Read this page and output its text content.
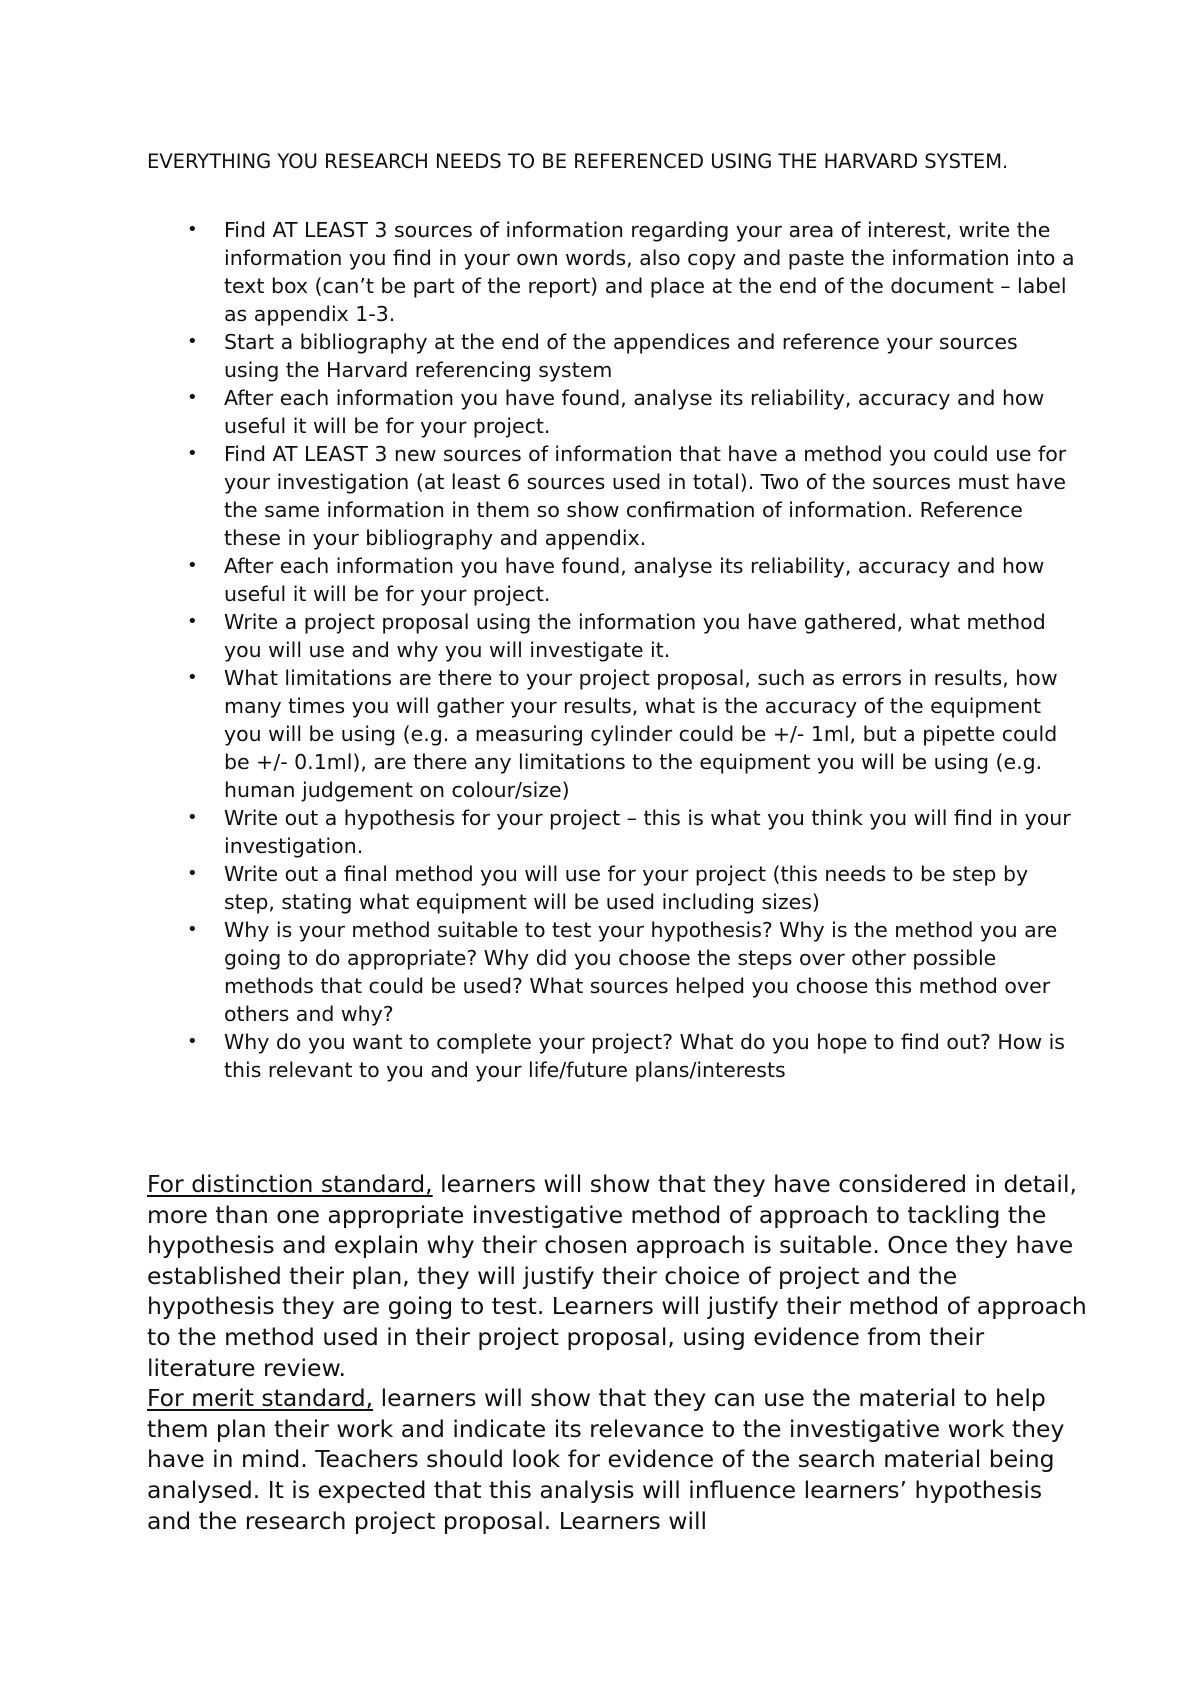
EVERYTHING YOU RESEARCH NEEDS TO BE REFERENCED USING THE HARVARD SYSTEM.

• Find AT LEAST 3 sources of information regarding your area of interest, write the information you find in your own words, also copy and paste the information into a text box (can’t be part of the report) and place at the end of the document – label as appendix 1-3.
• Start a bibliography at the end of the appendices and reference your sources using the Harvard referencing system
• After each information you have found, analyse its reliability, accuracy and how useful it will be for your project.
• Find AT LEAST 3 new sources of information that have a method you could use for your investigation (at least 6 sources used in total). Two of the sources must have the same information in them so show confirmation of information. Reference these in your bibliography and appendix.
• After each information you have found, analyse its reliability, accuracy and how useful it will be for your project.
• Write a project proposal using the information you have gathered, what method you will use and why you will investigate it.
• What limitations are there to your project proposal, such as errors in results, how many times you will gather your results, what is the accuracy of the equipment you will be using (e.g. a measuring cylinder could be +/- 1ml, but a pipette could be +/- 0.1ml), are there any limitations to the equipment you will be using (e.g. human judgement on colour/size)
• Write out a hypothesis for your project – this is what you think you will find in your investigation.
• Write out a final method you will use for your project (this needs to be step by step, stating what equipment will be used including sizes)
• Why is your method suitable to test your hypothesis? Why is the method you are going to do appropriate? Why did you choose the steps over other possible methods that could be used? What sources helped you choose this method over others and why?
• Why do you want to complete your project? What do you hope to find out? How is this relevant to you and your life/future plans/interests

For distinction standard, learners will show that they have considered in detail, more than one appropriate investigative method of approach to tackling the hypothesis and explain why their chosen approach is suitable. Once they have established their plan, they will justify their choice of project and the hypothesis they are going to test. Learners will justify their method of approach to the method used in their project proposal, using evidence from their literature review.

For merit standard, learners will show that they can use the material to help them plan their work and indicate its relevance to the investigative work they have in mind. Teachers should look for evidence of the search material being analysed. It is expected that this analysis will influence learners’ hypothesis and the research project proposal. Learners will
